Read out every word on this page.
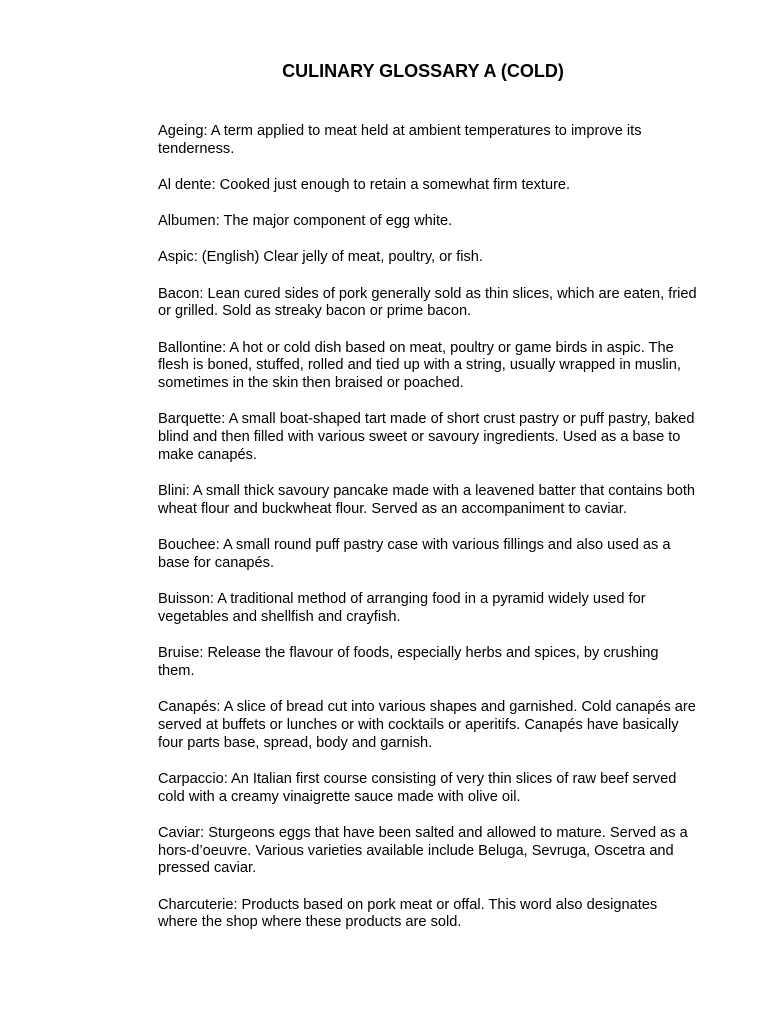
CULINARY GLOSSARY A (COLD)

Ageing: A term applied to meat held at ambient temperatures to improve its tenderness.

Al dente: Cooked just enough to retain a somewhat firm texture.

Albumen: The major component of egg white.

Aspic: (English) Clear jelly of meat, poultry, or fish.

Bacon: Lean cured sides of pork generally sold as thin slices, which are eaten, fried or grilled. Sold as streaky bacon or prime bacon.

Ballontine: A hot or cold dish based on meat, poultry or game birds in aspic. The flesh is boned, stuffed, rolled and tied up with a string, usually wrapped in muslin, sometimes in the skin then braised or poached.

Barquette: A small boat-shaped tart made of short crust pastry or puff pastry, baked blind and then filled with various sweet or savoury ingredients. Used as a base to make canapés.

Blini: A small thick savoury pancake made with a leavened batter that contains both wheat flour and buckwheat flour. Served as an accompaniment to caviar.

Bouchee: A small round puff pastry case with various fillings and also used as a base for canapés.

Buisson: A traditional method of arranging food in a pyramid widely used for vegetables and shellfish and crayfish.

Bruise: Release the flavour of foods, especially herbs and spices, by crushing them.

Canapés: A slice of bread cut into various shapes and garnished. Cold canapés are served at buffets or lunches or with cocktails or aperitifs. Canapés have basically four parts base, spread, body and garnish.

Carpaccio: An Italian first course consisting of very thin slices of raw beef served cold with a creamy vinaigrette sauce made with olive oil.

Caviar: Sturgeons eggs that have been salted and allowed to mature. Served as a hors-d’oeuvre. Various varieties available include Beluga, Sevruga, Oscetra and pressed caviar.

Charcuterie: Products based on pork meat or offal. This word also designates where the shop where these products are sold.
